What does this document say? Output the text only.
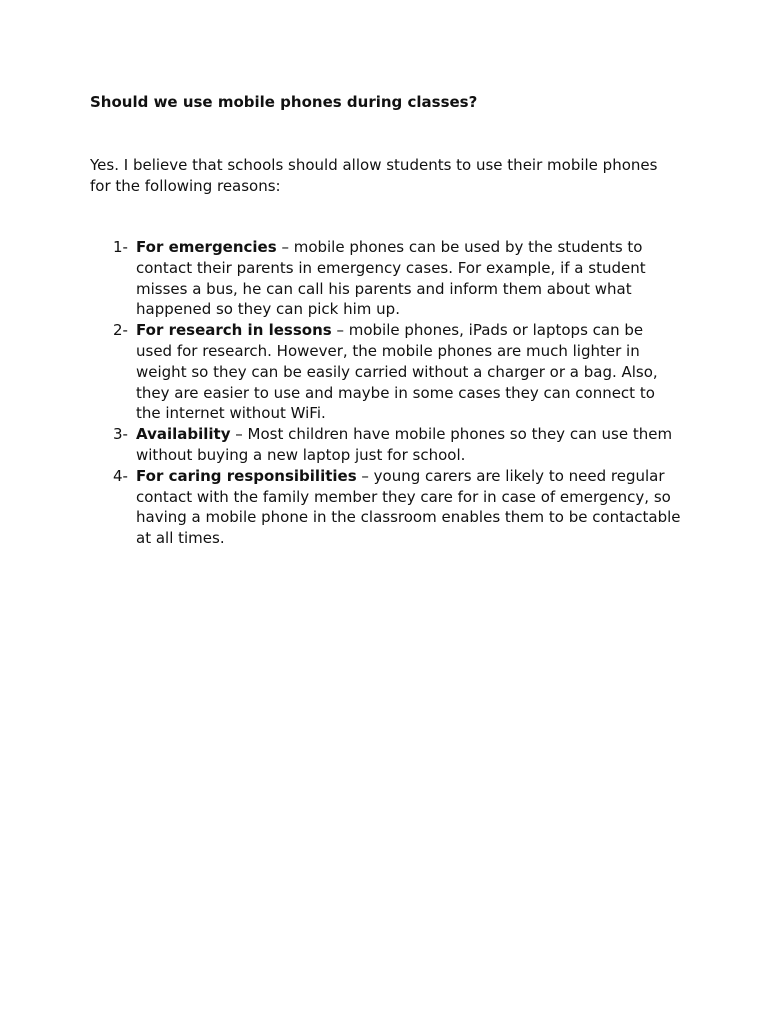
Should we use mobile phones during classes?

Yes. I believe that schools should allow students to use their mobile phones for the following reasons:

1- For emergencies – mobile phones can be used by the students to contact their parents in emergency cases. For example, if a student misses a bus, he can call his parents and inform them about what happened so they can pick him up.
2- For research in lessons – mobile phones, iPads or laptops can be used for research. However, the mobile phones are much lighter in weight so they can be easily carried without a charger or a bag. Also, they are easier to use and maybe in some cases they can connect to the internet without WiFi.
3- Availability – Most children have mobile phones so they can use them without buying a new laptop just for school.
4- For caring responsibilities – young carers are likely to need regular contact with the family member they care for in case of emergency, so having a mobile phone in the classroom enables them to be contactable at all times.
